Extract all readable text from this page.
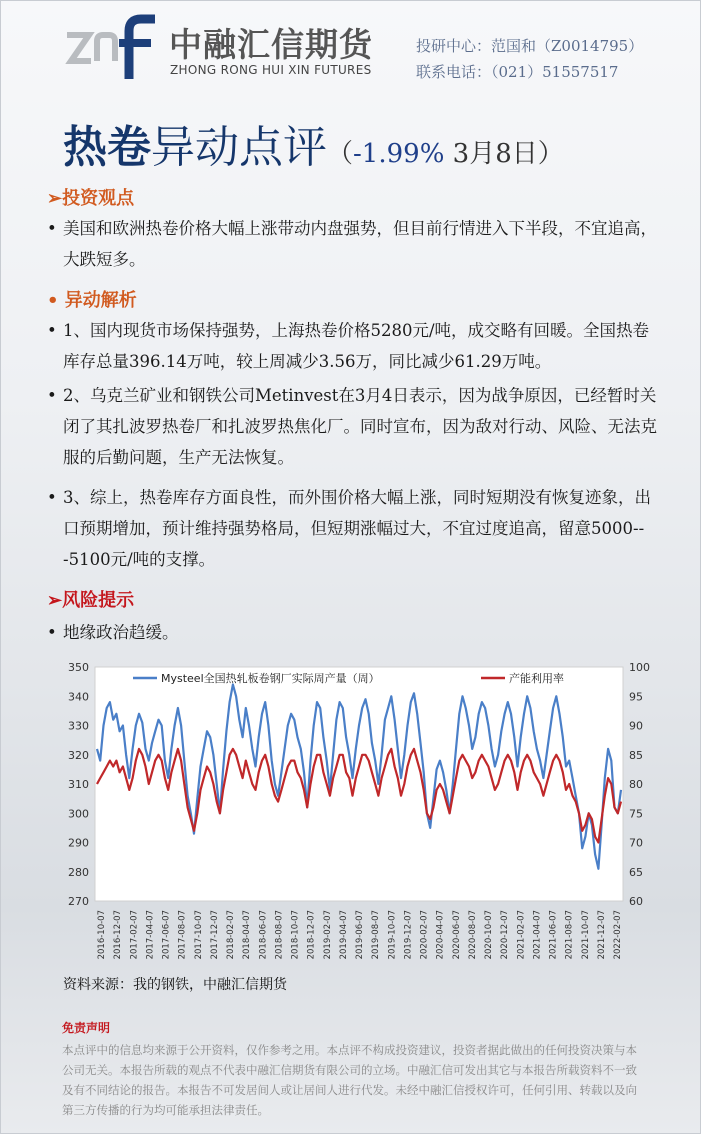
中融汇信期货
ZHONG RONG HUI XIN FUTURES
投研中心：范国和（Z0014795）
联系电话：（021）51557517
热卷异动点评（-1.99% 3月8日）
➢投资观点
• 美国和欧洲热卷价格大幅上涨带动内盘强势，但目前行情进入下半段，不宜追高，大跌短多。
• 异动解析
• 1、国内现货市场保持强势，上海热卷价格5280元/吨，成交略有回暖。全国热卷库存总量396.14万吨，较上周减少3.56万，同比减少61.29万吨。
• 2、乌克兰矿业和钢铁公司Metinvest在3月4日表示，因为战争原因，已经暂时关闭了其扎波罗热卷厂和扎波罗热焦化厂。同时宣布，因为敌对行动、风险、无法克服的后勤问题，生产无法恢复。
• 3、综上，热卷库存方面良性，而外围价格大幅上涨，同时短期没有恢复迹象，出口预期增加，预计维持强势格局，但短期涨幅过大，不宜过度追高，留意5000---5100元/吨的支撑。
➢风险提示
• 地缘政治趋缓。
270
280
290
300
310
320
330
340
350
60
65
70
75
80
85
90
95
100
2016-10-07 2016-12-07 2017-02-07 2017-04-07 2017-06-07 2017-08-07 2017-10-07 2017-12-07 2018-02-07 2018-04-07 2018-06-07 2018-08-07 2018-10-07 2018-12-07 2019-02-07 2019-04-07 2019-06-07 2019-08-07 2019-10-07 2019-12-07 2020-02-07 2020-04-07 2020-06-07 2020-08-07 2020-10-07 2020-12-07 2021-02-07 2021-04-07 2021-06-07 2021-08-07 2021-10-07 2021-12-07 2022-02-07
Mysteel全国热轧板卷钢厂实际周产量（周）	产能利用率
资料来源：我的钢铁，中融汇信期货
免责声明
本点评中的信息均来源于公开资料，仅作参考之用。本点评不构成投资建议，投资者据此做出的任何投资决策与本公司无关。本报告所载的观点不代表中融汇信期货有限公司的立场。中融汇信可发出其它与本报告所载资料不一致及有不同结论的报告。本报告不可发居间人或让居间人进行代发。未经中融汇信授权许可，任何引用、转载以及向第三方传播的行为均可能承担法律责任。
